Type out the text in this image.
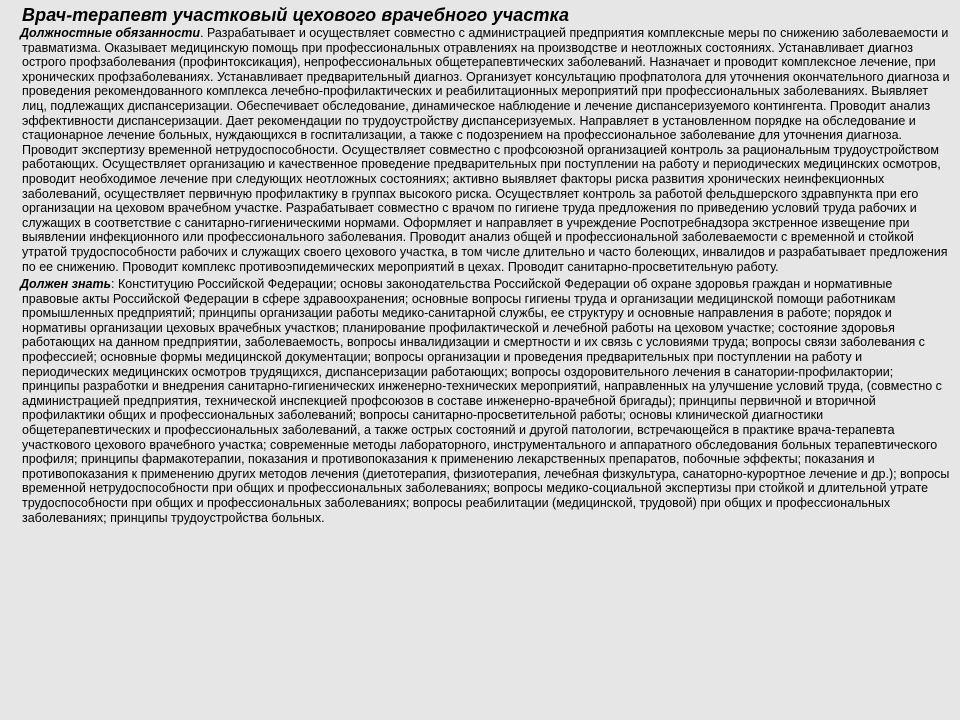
Врач-терапевт участковый цехового врачебного участка

Должностные обязанности. Разрабатывает и осуществляет совместно с администрацией предприятия комплексные меры по снижению заболеваемости и травматизма. Оказывает медицинскую помощь при профессиональных отравлениях на производстве и неотложных состояниях. Устанавливает диагноз острого профзаболевания (профинтоксикация), непрофессиональных общетерапевтических заболеваний. Назначает и проводит комплексное лечение, при хронических профзаболеваниях. Устанавливает предварительный диагноз. Организует консультацию профпатолога для уточнения окончательного диагноза и проведения рекомендованного комплекса лечебно-профилактических и реабилитационных мероприятий при профессиональных заболеваниях. Выявляет лиц, подлежащих диспансеризации. Обеспечивает обследование, динамическое наблюдение и лечение диспансеризуемого контингента. Проводит анализ эффективности диспансеризации. Дает рекомендации по трудоустройству диспансеризуемых. Направляет в установленном порядке на обследование и стационарное лечение больных, нуждающихся в госпитализации, а также с подозрением на профессиональное заболевание для уточнения диагноза. Проводит экспертизу временной нетрудоспособности. Осуществляет совместно с профсоюзной организацией контроль за рациональным трудоустройством работающих. Осуществляет организацию и качественное проведение предварительных при поступлении на работу и периодических медицинских осмотров, проводит необходимое лечение при следующих неотложных состояниях; активно выявляет факторы риска развития хронических неинфекционных заболеваний, осуществляет первичную профилактику в группах высокого риска. Осуществляет контроль за работой фельдшерского здравпункта при его организации на цеховом врачебном участке. Разрабатывает совместно с врачом по гигиене труда предложения по приведению условий труда рабочих и служащих в соответствие с санитарно-гигиеническими нормами. Оформляет и направляет в учреждение Роспотребнадзора экстренное извещение при выявлении инфекционного или профессионального заболевания. Проводит анализ общей и профессиональной заболеваемости с временной и стойкой утратой трудоспособности рабочих и служащих своего цехового участка, в том числе длительно и часто болеющих, инвалидов и разрабатывает предложения по ее снижению. Проводит комплекс противоэпидемических мероприятий в цехах. Проводит санитарно-просветительную работу.

Должен знать: Конституцию Российской Федерации; основы законодательства Российской Федерации об охране здоровья граждан и нормативные правовые акты Российской Федерации в сфере здравоохранения; основные вопросы гигиены труда и организации медицинской помощи работникам промышленных предприятий; принципы организации работы медико-санитарной службы, ее структуру и основные направления в работе; порядок и нормативы организации цеховых врачебных участков; планирование профилактической и лечебной работы на цеховом участке; состояние здоровья работающих на данном предприятии, заболеваемость, вопросы инвалидизации и смертности и их связь с условиями труда; вопросы связи заболевания с профессией; основные формы медицинской документации; вопросы организации и проведения предварительных при поступлении на работу и периодических медицинских осмотров трудящихся, диспансеризации работающих; вопросы оздоровительного лечения в санатории-профилактории; принципы разработки и внедрения санитарно-гигиенических инженерно-технических мероприятий, направленных на улучшение условий труда, (совместно с администрацией предприятия, технической инспекцией профсоюзов в составе инженерно-врачебной бригады); принципы первичной и вторичной профилактики общих и профессиональных заболеваний; вопросы санитарно-просветительной работы; основы клинической диагностики общетерапевтических и профессиональных заболеваний, а также острых состояний и другой патологии, встречающейся в практике врача-терапевта участкового цехового врачебного участка; современные методы лабораторного, инструментального и аппаратного обследования больных терапевтического профиля; принципы фармакотерапии, показания и противопоказания к применению лекарственных препаратов, побочные эффекты; показания и противопоказания к применению других методов лечения (диетотерапия, физиотерапия, лечебная физкультура, санаторно-курортное лечение и др.); вопросы временной нетрудоспособности при общих и профессиональных заболеваниях; вопросы медико-социальной экспертизы при стойкой и длительной утрате трудоспособности при общих и профессиональных заболеваниях; вопросы реабилитации (медицинской, трудовой) при общих и профессиональных заболеваниях; принципы трудоустройства больных.
